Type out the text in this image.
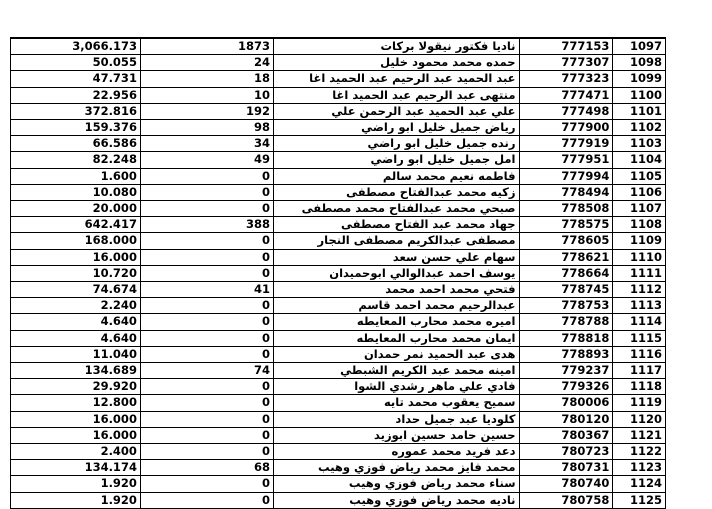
3,066.173	1873	ناديا فكتور نيقولا بركات	777153	1097
50.055	24	حمده محمد محمود خليل	777307	1098
47.731	18	عبد الحميد عبد الرحيم عبد الحميد اغا	777323	1099
22.956	10	منتهى عبد الرحيم عبد الحميد اغا	777471	1100
372.816	192	علي عبد الحميد عبد الرحمن علي	777498	1101
159.376	98	رياض جميل خليل ابو راضي	777900	1102
66.586	34	رنده جميل خليل ابو راضي	777919	1103
82.248	49	امل جميل خليل ابو راضي	777951	1104
1.600	0	فاطمه نعيم محمد سالم	777994	1105
10.080	0	زكيه محمد عبدالفتاح مصطفى	778494	1106
20.000	0	صبحي محمد عبدالفتاح محمد مصطفى	778508	1107
642.417	388	جهاد محمد عبد الفتاح مصطفى	778575	1108
168.000	0	مصطفى عبدالكريم مصطفى النجار	778605	1109
16.000	0	سهام علي حسن سعد	778621	1110
10.720	0	يوسف احمد عبدالوالي ابوحميدان	778664	1111
74.674	41	فتحي محمد احمد محمد	778745	1112
2.240	0	عبدالرحيم محمد احمد قاسم	778753	1113
4.640	0	اميره محمد محارب المعايطه	778788	1114
4.640	0	ايمان محمد محارب المعايطه	778818	1115
11.040	0	هدى عبد الحميد نمر حمدان	778893	1116
134.689	74	امينه محمد عبد الكريم الشبطي	779237	1117
29.920	0	فادي علي ماهر رشدي الشوا	779326	1118
12.800	0	سميح يعقوب محمد تايه	780006	1119
16.000	0	كلوديا عبد جميل حداد	780120	1120
16.000	0	حسين حامد حسين ابوزيد	780367	1121
2.400	0	دعد فريد محمد عموره	780723	1122
134.174	68	محمد فايز محمد رياض فوزي وهيب	780731	1123
1.920	0	سناء محمد رياض فوزي وهيب	780740	1124
1.920	0	ناديه محمد رياض فوزي وهيب	780758	1125
